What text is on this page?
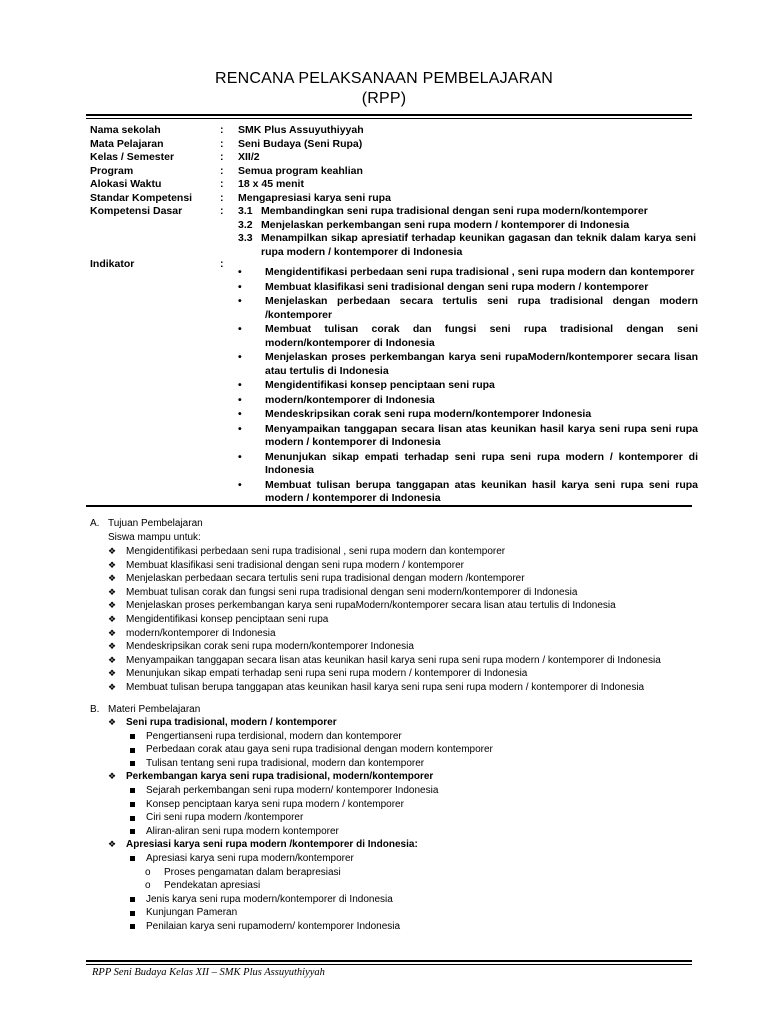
RENCANA PELAKSANAAN PEMBELAJARAN
(RPP)
Nama sekolah	: SMK Plus Assuyuthiyyah
Mata Pelajaran	: Seni Budaya (Seni Rupa)
Kelas / Semester	: XII/2
Program	: Semua program keahlian
Alokasi Waktu	: 18 x 45 menit
Standar Kompetensi	: Mengapresiasi karya seni rupa
Kompetensi Dasar	: 3.1 Membandingkan seni rupa tradisional dengan seni rupa modern/kontemporer
3.2 Menjelaskan perkembangan seni rupa modern / kontemporer di Indonesia
3.3 Menampilkan sikap apresiatif terhadap keunikan gagasan dan teknik dalam karya seni rupa modern / kontemporer di Indonesia
Indikator	:
• Mengidentifikasi perbedaan seni rupa tradisional , seni rupa modern dan kontemporer
• Membuat klasifikasi seni tradisional dengan seni rupa modern / kontemporer
• Menjelaskan perbedaan secara tertulis seni rupa tradisional dengan modern /kontemporer
• Membuat tulisan corak dan fungsi seni rupa tradisional dengan seni modern/kontemporer di Indonesia
• Menjelaskan proses perkembangan karya seni rupaModern/kontemporer secara lisan atau tertulis di Indonesia
• Mengidentifikasi konsep penciptaan seni rupa
• modern/kontemporer di Indonesia
• Mendeskripsikan corak seni rupa modern/kontemporer Indonesia
• Menyampaikan tanggapan secara lisan atas keunikan hasil karya seni rupa seni rupa modern / kontemporer di Indonesia
• Menunjukan sikap empati terhadap seni rupa seni rupa modern / kontemporer di Indonesia
• Membuat tulisan berupa tanggapan atas keunikan hasil karya seni rupa seni rupa modern / kontemporer di Indonesia
A. Tujuan Pembelajaran
Siswa mampu untuk:
❖ Mengidentifikasi perbedaan seni rupa tradisional , seni rupa modern dan kontemporer
❖ Membuat klasifikasi seni tradisional dengan seni rupa modern / kontemporer
❖ Menjelaskan perbedaan secara tertulis seni rupa tradisional dengan modern /kontemporer
❖ Membuat tulisan corak dan fungsi seni rupa tradisional dengan seni modern/kontemporer di Indonesia
❖ Menjelaskan proses perkembangan karya seni rupaModern/kontemporer secara lisan atau tertulis di Indonesia
❖ Mengidentifikasi konsep penciptaan seni rupa
❖ modern/kontemporer di Indonesia
❖ Mendeskripsikan corak seni rupa modern/kontemporer Indonesia
❖ Menyampaikan tanggapan secara lisan atas keunikan hasil karya seni rupa seni rupa modern / kontemporer di Indonesia
❖ Menunjukan sikap empati terhadap seni rupa seni rupa modern / kontemporer di Indonesia
❖ Membuat tulisan berupa tanggapan atas keunikan hasil karya seni rupa seni rupa modern / kontemporer di Indonesia
B. Materi Pembelajaran
❖ Seni rupa tradisional, modern / kontemporer
Pengertianseni rupa terdisional, modern dan kontemporer
Perbedaan corak atau gaya seni rupa tradisional dengan modern kontemporer
Tulisan tentang seni rupa tradisional, modern dan kontemporer
❖ Perkembangan karya seni rupa tradisional, modern/kontemporer
Sejarah perkembangan seni rupa modern/ kontemporer Indonesia
Konsep penciptaan karya seni rupa modern / kontemporer
Ciri seni rupa modern /kontemporer
Aliran-aliran seni rupa modern kontemporer
❖ Apresiasi karya seni rupa modern /kontemporer di Indonesia:
Apresiasi karya seni rupa modern/kontemporer
o Proses pengamatan dalam berapresiasi
o Pendekatan apresiasi
Jenis karya seni rupa modern/kontemporer di Indonesia
Kunjungan Pameran
Penilaian karya seni rupamodern/ kontemporer Indonesia
RPP Seni Budaya Kelas XII – SMK Plus Assuyuthiyyah
